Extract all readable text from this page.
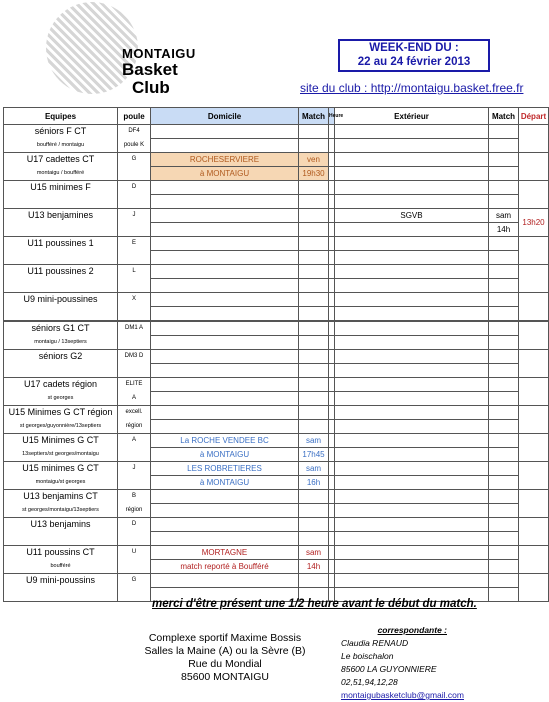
MONTAIGU
Basket
Club
WEEK-END DU :
22 au 24 février 2013
site du club : http://montaigu.basket.free.fr
Equipes	poule	Domicile	Match	Heure	Extérieur	Match	Départ
séniors F CT	DF4						
boufféré / montaigu	poule K						
U17 cadettes CT	G	ROCHESERVIERE	ven				
montaigu / boufféré		à MONTAIGU	19h30				
U15 minimes F	D						

U13 benjamines	J				SGVB	sam	13h20
						14h	
U11 poussines 1	E						

U11 poussines 2	L						

U9 mini-poussines	X						

séniors G1 CT	DM1 A						
montaigu / 13septiers							
séniors G2	DM3 D						

U17 cadets région	ELITE						
st georges	A						
U15 Minimes G CT région	excell.						
st georges/guyonnière/13septiers	région						
U15 Minimes G CT	A	La ROCHE VENDEE BC	sam				
13septiers/st georges/montaigu		à MONTAIGU	17h45				
U15 minimes G CT	J	LES ROBRETIERES	sam				
montaigu/st georges		à MONTAIGU	16h				
U13 benjamins CT	B						
st georges/montaigu/13septiers	région						
U13 benjamins	D						

U11 poussins CT	U	MORTAGNE	sam				
boufféré		match reporté à Boufféré	14h				
U9 mini-poussins	G						

merci d'être présent une 1/2 heure avant le début du match.
Complexe sportif Maxime Bossis
Salles la Maine (A) ou la Sèvre (B)
Rue du Mondial
85600 MONTAIGU
correspondante :
Claudia RENAUD
Le boischalon
85600 LA GUYONNIERE
02,51,94,12,28
montaigubasketclub@gmail.com
